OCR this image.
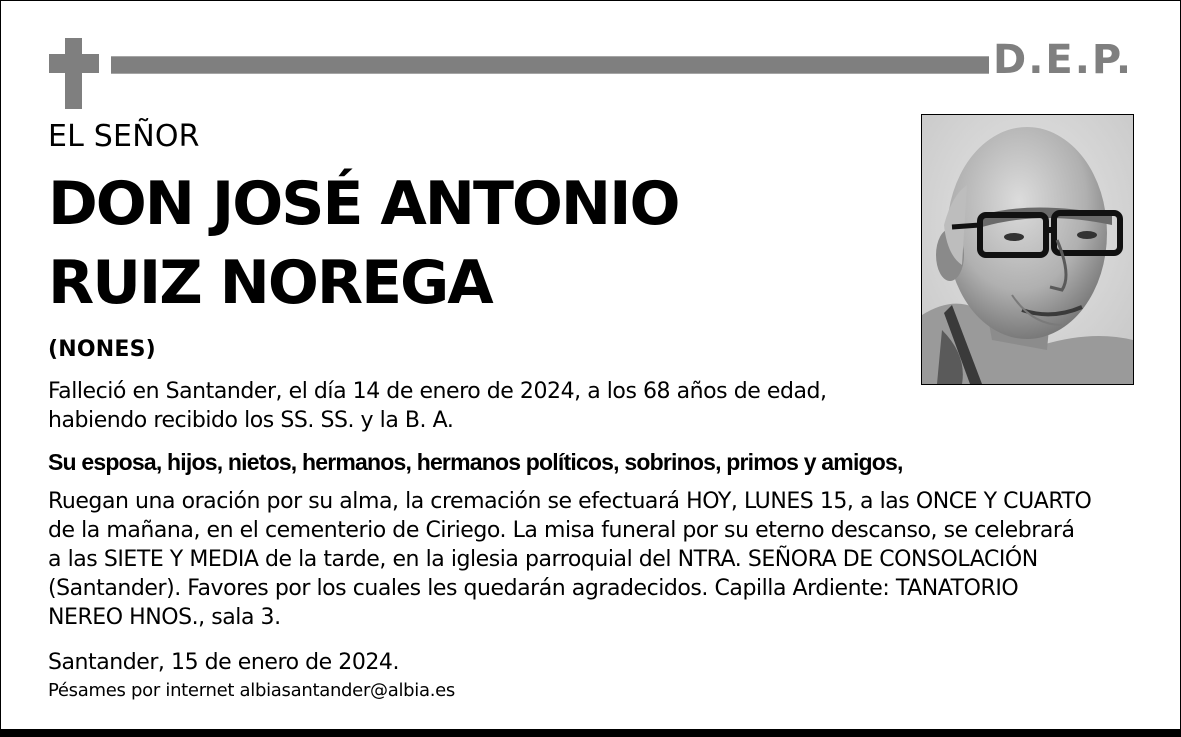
D.E.P.
EL SEÑOR
DON JOSÉ ANTONIO
RUIZ NOREGA
(NONES)
Falleció en Santander, el día 14 de enero de 2024, a los 68 años de edad,
habiendo recibido los SS. SS. y la B. A.
Su esposa, hijos, nietos, hermanos, hermanos políticos, sobrinos, primos y amigos,
Ruegan una oración por su alma, la cremación se efectuará HOY, LUNES 15, a las ONCE Y CUARTO
de la mañana, en el cementerio de Ciriego. La misa funeral por su eterno descanso, se celebrará
a las SIETE Y MEDIA de la tarde, en la iglesia parroquial del NTRA. SEÑORA DE CONSOLACIÓN
(Santander). Favores por los cuales les quedarán agradecidos. Capilla Ardiente: TANATORIO
NEREO HNOS., sala 3.
Santander, 15 de enero de 2024.
Pésames por internet albiasantander@albia.es
